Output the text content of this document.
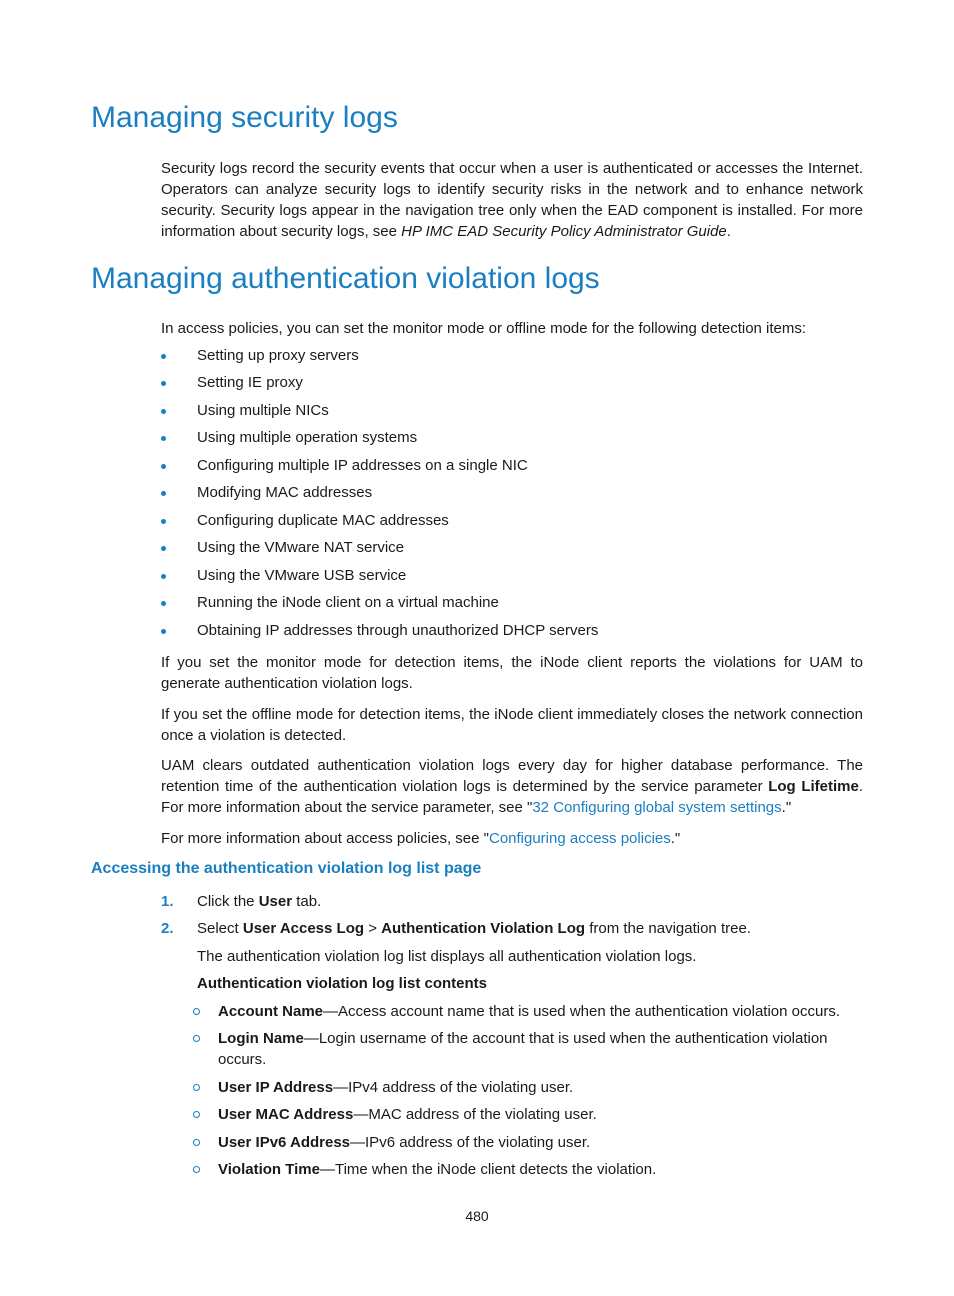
Managing security logs

Security logs record the security events that occur when a user is authenticated or accesses the Internet. Operators can analyze security logs to identify security risks in the network and to enhance network security. Security logs appear in the navigation tree only when the EAD component is installed. For more information about security logs, see HP IMC EAD Security Policy Administrator Guide.

Managing authentication violation logs

In access policies, you can set the monitor mode or offline mode for the following detection items:

Setting up proxy servers
Setting IE proxy
Using multiple NICs
Using multiple operation systems
Configuring multiple IP addresses on a single NIC
Modifying MAC addresses
Configuring duplicate MAC addresses
Using the VMware NAT service
Using the VMware USB service
Running the iNode client on a virtual machine
Obtaining IP addresses through unauthorized DHCP servers

If you set the monitor mode for detection items, the iNode client reports the violations for UAM to generate authentication violation logs.

If you set the offline mode for detection items, the iNode client immediately closes the network connection once a violation is detected.

UAM clears outdated authentication violation logs every day for higher database performance. The retention time of the authentication violation logs is determined by the service parameter Log Lifetime. For more information about the service parameter, see "32 Configuring global system settings."

For more information about access policies, see "Configuring access policies."

Accessing the authentication violation log list page
1. Click the User tab.
2. Select User Access Log > Authentication Violation Log from the navigation tree.
The authentication violation log list displays all authentication violation logs.
Authentication violation log list contents
Account Name—Access account name that is used when the authentication violation occurs.
Login Name—Login username of the account that is used when the authentication violation occurs.
User IP Address—IPv4 address of the violating user.
User MAC Address—MAC address of the violating user.
User IPv6 Address—IPv6 address of the violating user.
Violation Time—Time when the iNode client detects the violation.
480
